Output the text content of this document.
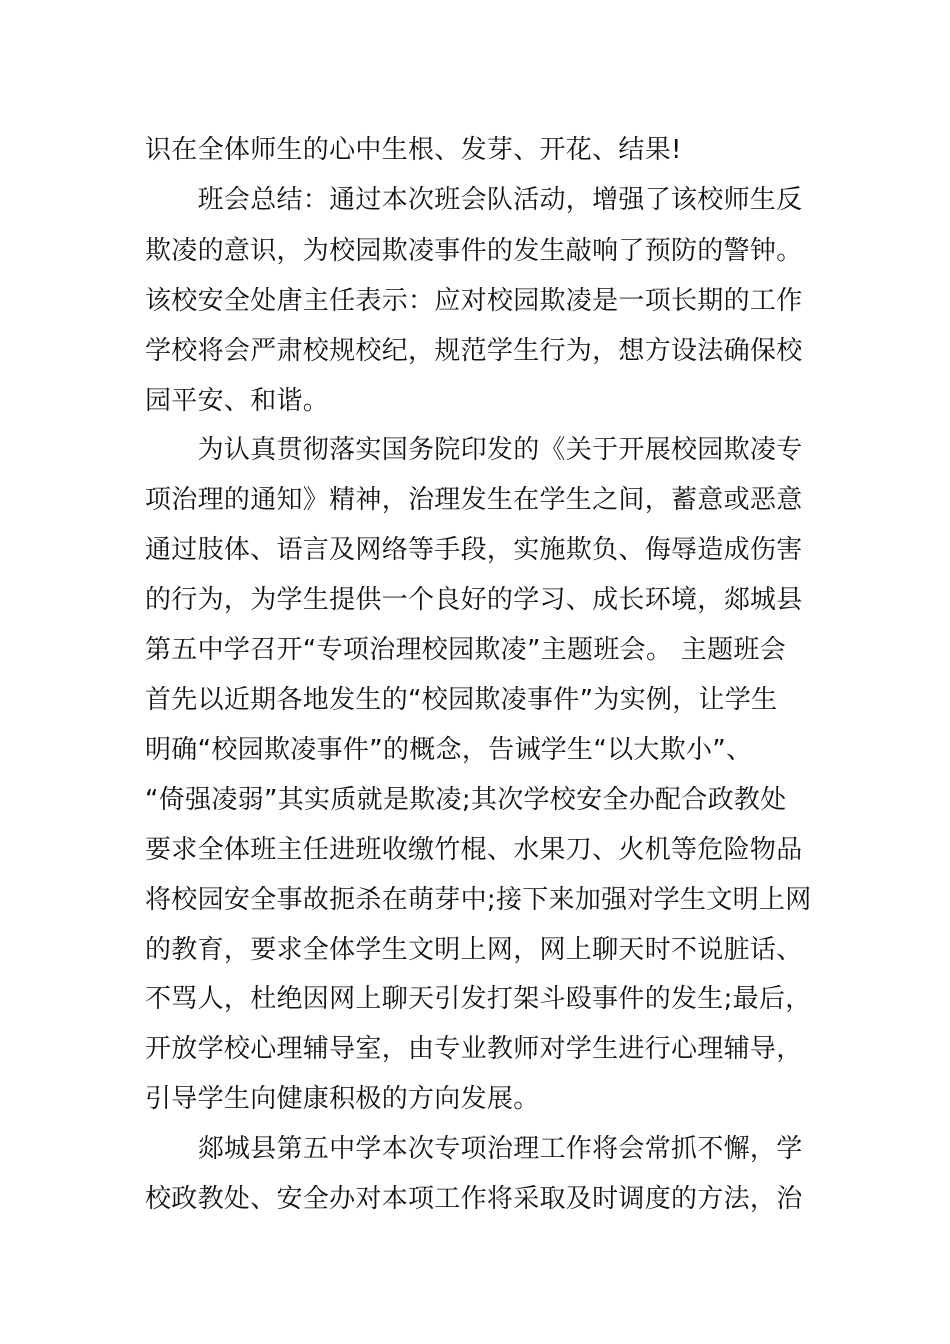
识在全体师生的心中生根、发芽、开花、结果!
　　班会总结：通过本次班会队活动，增强了该校师生反
欺凌的意识，为校园欺凌事件的发生敲响了预防的警钟。
该校安全处唐主任表示：应对校园欺凌是一项长期的工作
学校将会严肃校规校纪，规范学生行为，想方设法确保校
园平安、和谐。
　　为认真贯彻落实国务院印发的《关于开展校园欺凌专
项治理的通知》精神，治理发生在学生之间，蓄意或恶意
通过肢体、语言及网络等手段，实施欺负、侮辱造成伤害
的行为，为学生提供一个良好的学习、成长环境，郯城县
第五中学召开“专项治理校园欺凌”主题班会。 主题班会
首先以近期各地发生的“校园欺凌事件”为实例，让学生
明确“校园欺凌事件”的概念，告诫学生“以大欺小”、
“倚强凌弱”其实质就是欺凌;其次学校安全办配合政教处
要求全体班主任进班收缴竹棍、水果刀、火机等危险物品
将校园安全事故扼杀在萌芽中;接下来加强对学生文明上网
的教育，要求全体学生文明上网，网上聊天时不说脏话、
不骂人，杜绝因网上聊天引发打架斗殴事件的发生;最后，
开放学校心理辅导室，由专业教师对学生进行心理辅导，
引导学生向健康积极的方向发展。
　　郯城县第五中学本次专项治理工作将会常抓不懈，学
校政教处、安全办对本项工作将采取及时调度的方法，治
